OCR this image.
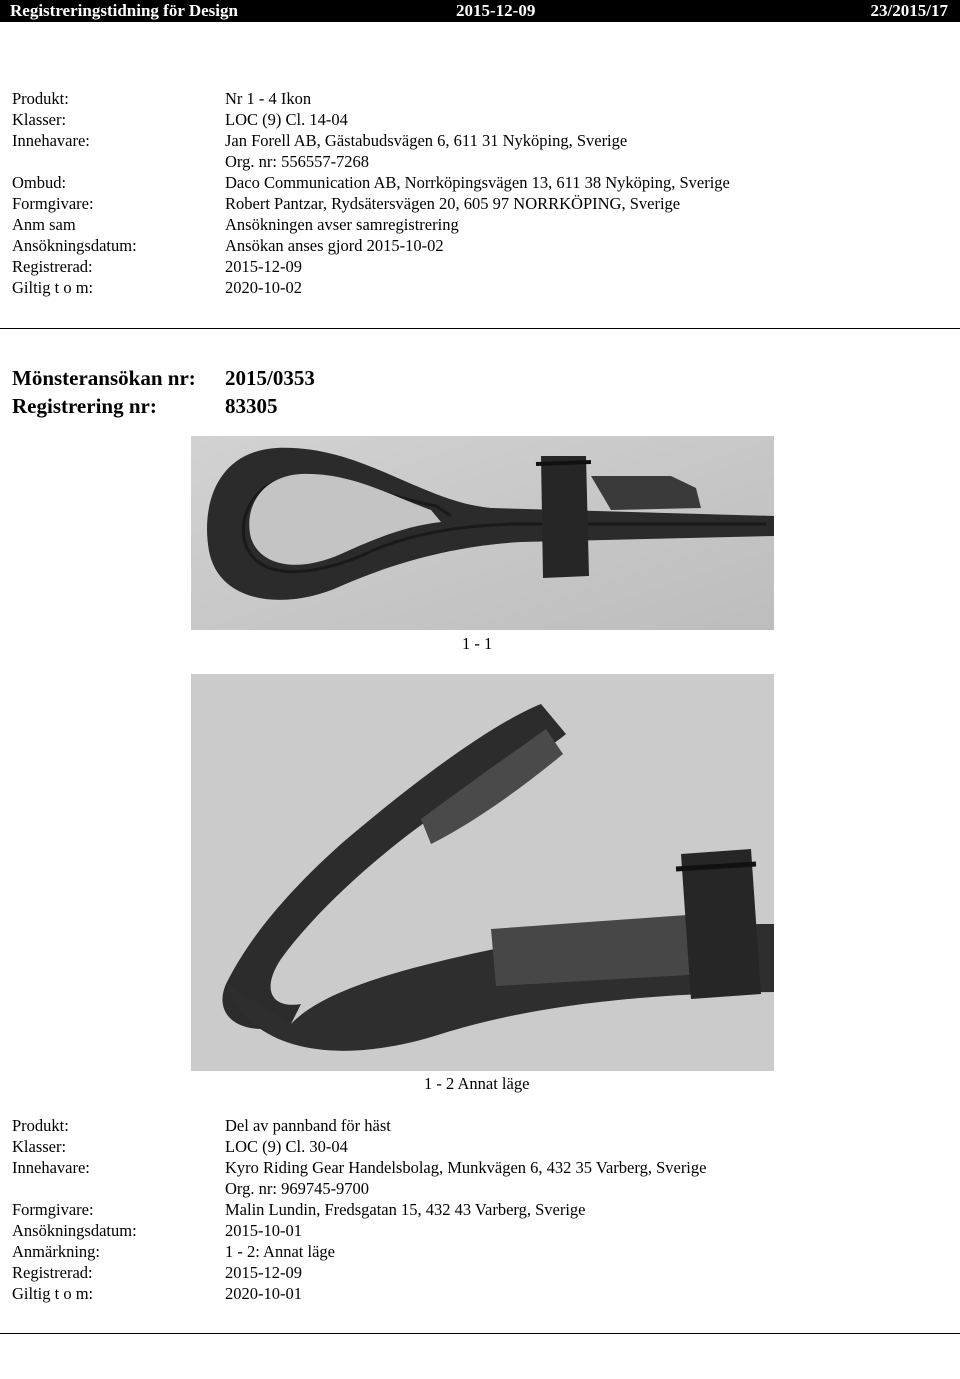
Registreringstidning för Design	2015-12-09	23/2015/17
Produkt:	Nr 1 - 4 Ikon
Klasser:	LOC (9) Cl. 14-04
Innehavare:	Jan Forell AB, Gästabudsvägen 6, 611 31 Nyköping, Sverige
Org. nr: 556557-7268
Ombud:	Daco Communication AB, Norrköpingsvägen 13, 611 38 Nyköping, Sverige
Formgivare:	Robert Pantzar, Rydsätersvägen 20, 605 97 NORRKÖPING, Sverige
Anm sam	Ansökningen avser samregistrering
Ansökningsdatum:	Ansökan anses gjord 2015-10-02
Registrerad:	2015-12-09
Giltig t o m:	2020-10-02
Mönsteransökan nr: 2015/0353
Registrering nr:	83305
1 - 1
1 - 2 Annat läge
Produkt:	Del av pannband för häst
Klasser:	LOC (9) Cl. 30-04
Innehavare:	Kyro Riding Gear Handelsbolag, Munkvägen 6, 432 35 Varberg, Sverige
Org. nr: 969745-9700
Formgivare:	Malin Lundin, Fredsgatan 15, 432 43 Varberg, Sverige
Ansökningsdatum:	2015-10-01
Anmärkning:	1 - 2: Annat läge
Registrerad:	2015-12-09
Giltig t o m:	2020-10-01
